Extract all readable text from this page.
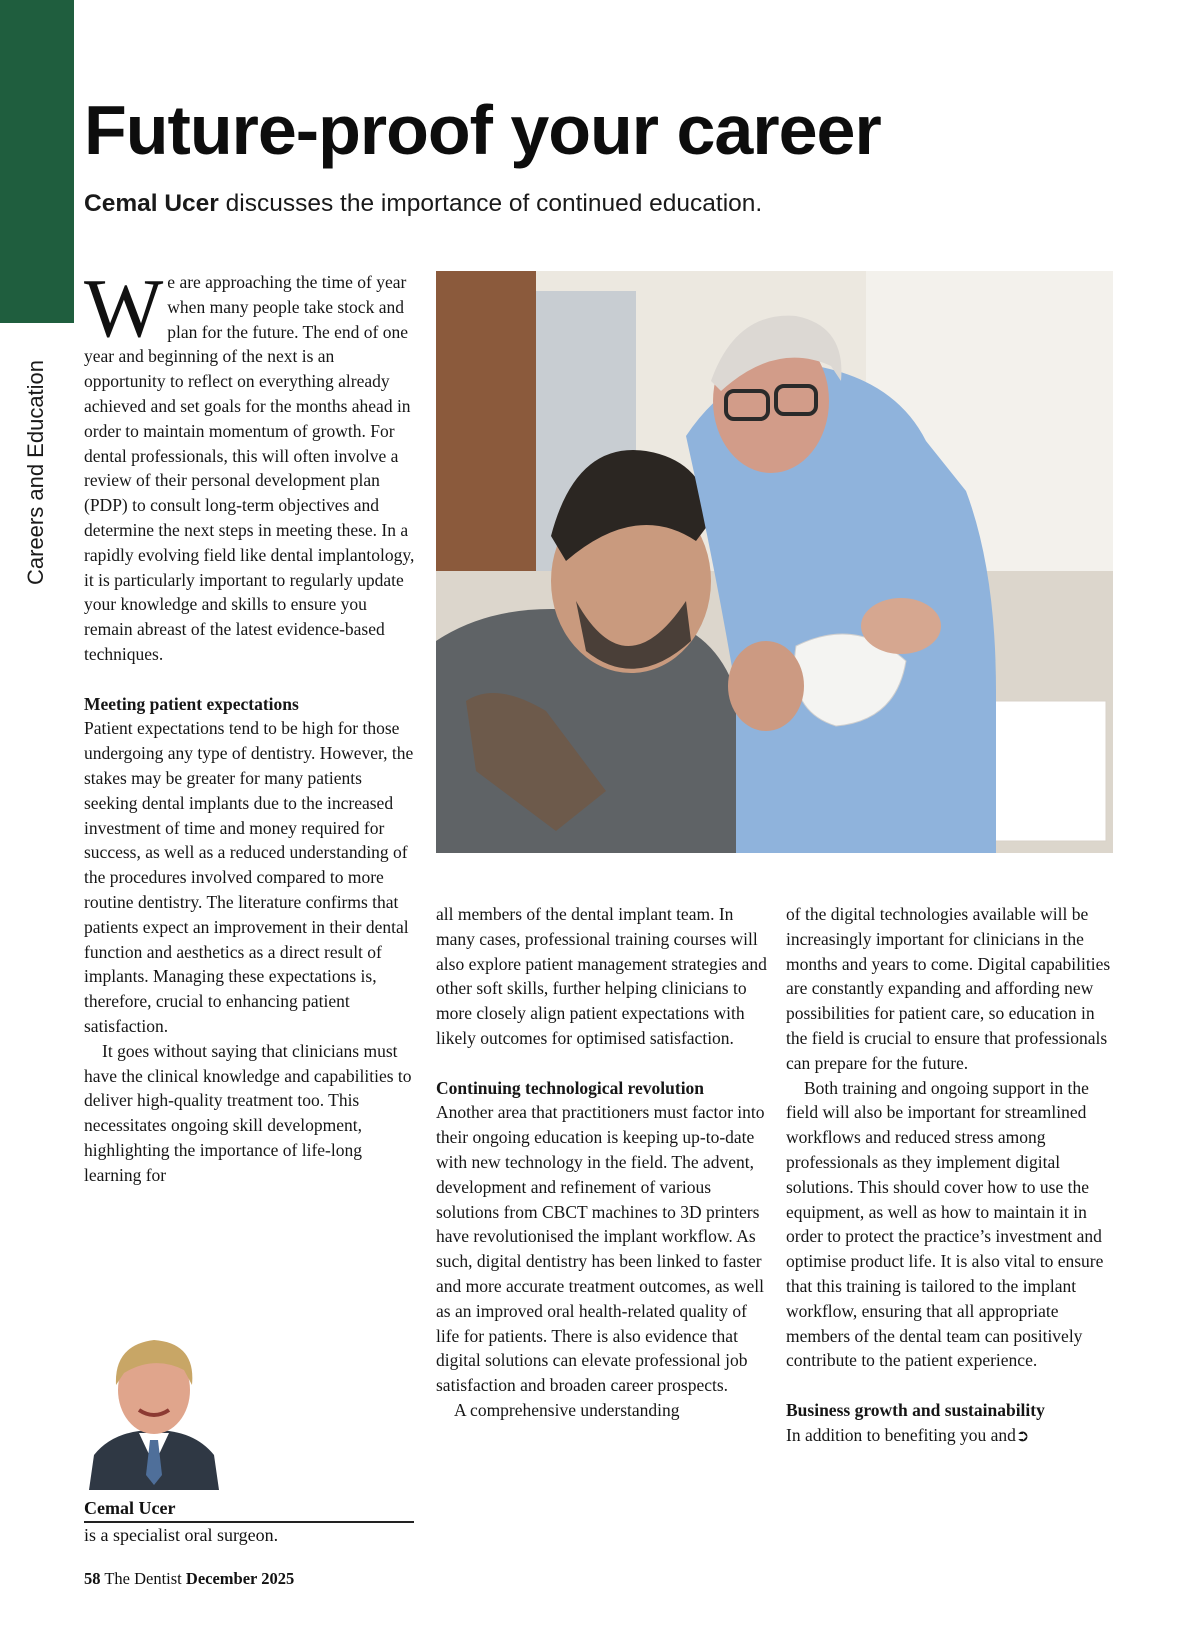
Careers and Education
Future-proof your career

Cemal Ucer discusses the importance of continued education.

We are approaching the time of year when many people take stock and plan for the future. The end of one year and beginning of the next is an opportunity to reflect on everything already achieved and set goals for the months ahead in order to maintain momentum of growth. For dental professionals, this will often involve a review of their personal development plan (PDP) to consult long-term objectives and determine the next steps in meeting these. In a rapidly evolving field like dental implantology, it is particularly important to regularly update your knowledge and skills to ensure you remain abreast of the latest evidence-based techniques.

Meeting patient expectations

Patient expectations tend to be high for those undergoing any type of dentistry. However, the stakes may be greater for many patients seeking dental implants due to the increased investment of time and money required for success, as well as a reduced understanding of the procedures involved compared to more routine dentistry. The literature confirms that patients expect an improvement in their dental function and aesthetics as a direct result of implants. Managing these expectations is, therefore, crucial to enhancing patient satisfaction.

It goes without saying that clinicians must have the clinical knowledge and capabilities to deliver high-quality treatment too. This necessitates ongoing skill development, highlighting the importance of life-long learning for

all members of the dental implant team. In many cases, professional training courses will also explore patient management strategies and other soft skills, further helping clinicians to more closely align patient expectations with likely outcomes for optimised satisfaction.

Continuing technological revolution

Another area that practitioners must factor into their ongoing education is keeping up-to-date with new technology in the field. The advent, development and refinement of various solutions from CBCT machines to 3D printers have revolutionised the implant workflow. As such, digital dentistry has been linked to faster and more accurate treatment outcomes, as well as an improved oral health-related quality of life for patients. There is also evidence that digital solutions can elevate professional job satisfaction and broaden career prospects.

A comprehensive understanding

of the digital technologies available will be increasingly important for clinicians in the months and years to come. Digital capabilities are constantly expanding and affording new possibilities for patient care, so education in the field is crucial to ensure that professionals can prepare for the future.

Both training and ongoing support in the field will also be important for streamlined workflows and reduced stress among professionals as they implement digital solutions. This should cover how to use the equipment, as well as how to maintain it in order to protect the practice’s investment and optimise product life. It is also vital to ensure that this training is tailored to the implant workflow, ensuring that all appropriate members of the dental team can positively contribute to the patient experience.

Business growth and sustainability

In addition to benefiting you and➲

Cemal Ucer
is a specialist oral surgeon.
58 The Dentist December 2025
